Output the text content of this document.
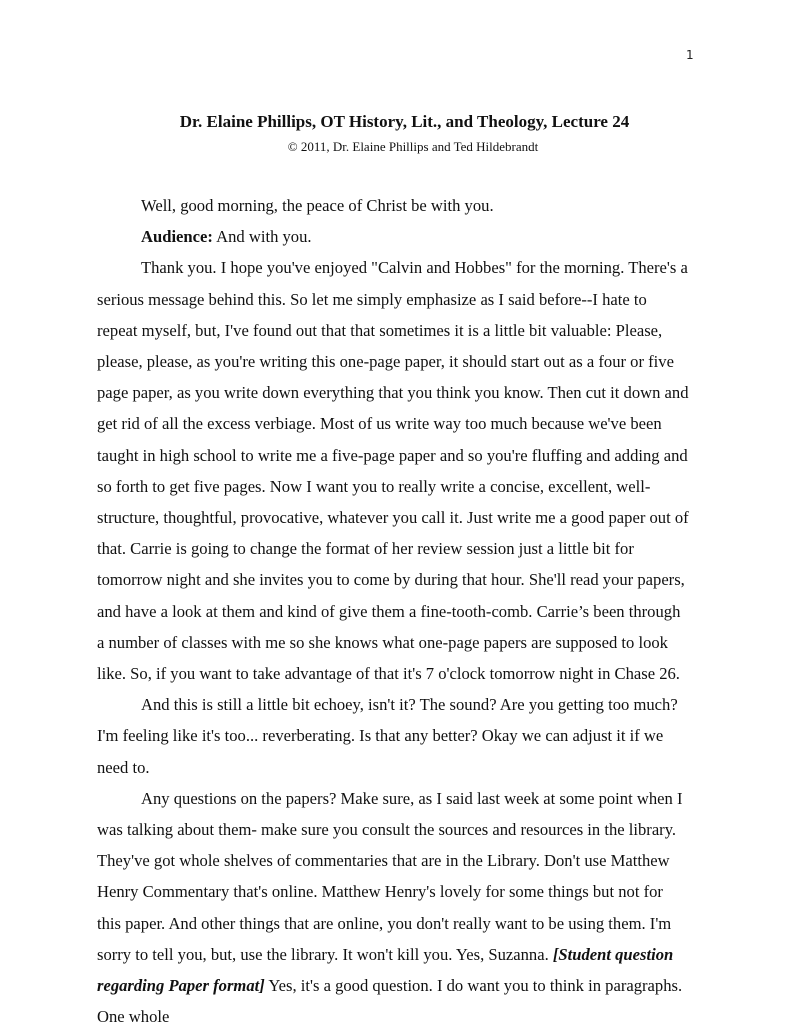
1
Dr. Elaine Phillips, OT History, Lit., and Theology, Lecture 24
© 2011, Dr. Elaine Phillips and Ted Hildebrandt

Well, good morning, the peace of Christ be with you.

Audience: And with you.

Thank you. I hope you've enjoyed "Calvin and Hobbes" for the morning. There's a serious message behind this. So let me simply emphasize as I said before--I hate to repeat myself, but, I've found out that that sometimes it is a little bit valuable: Please, please, please, as you're writing this one-page paper, it should start out as a four or five page paper, as you write down everything that you think you know. Then cut it down and get rid of all the excess verbiage. Most of us write way too much because we've been taught in high school to write me a five-page paper and so you're fluffing and adding and so forth to get five pages. Now I want you to really write a concise, excellent, well-structure, thoughtful, provocative, whatever you call it. Just write me a good paper out of that. Carrie is going to change the format of her review session just a little bit for tomorrow night and she invites you to come by during that hour. She'll read your papers, and have a look at them and kind of give them a fine-tooth-comb. Carrie’s been through a number of classes with me so she knows what one-page papers are supposed to look like. So, if you want to take advantage of that it's 7 o'clock tomorrow night in Chase 26.

And this is still a little bit echoey, isn't it? The sound? Are you getting too much? I'm feeling like it's too... reverberating. Is that any better? Okay we can adjust it if we need to.

Any questions on the papers? Make sure, as I said last week at some point when I was talking about them- make sure you consult the sources and resources in the library. They've got whole shelves of commentaries that are in the Library. Don't use Matthew Henry Commentary that's online. Matthew Henry's lovely for some things but not for this paper. And other things that are online, you don't really want to be using them. I'm sorry to tell you, but, use the library. It won't kill you. Yes, Suzanna. [Student question regarding Paper format] Yes, it's a good question. I do want you to think in paragraphs. One whole
